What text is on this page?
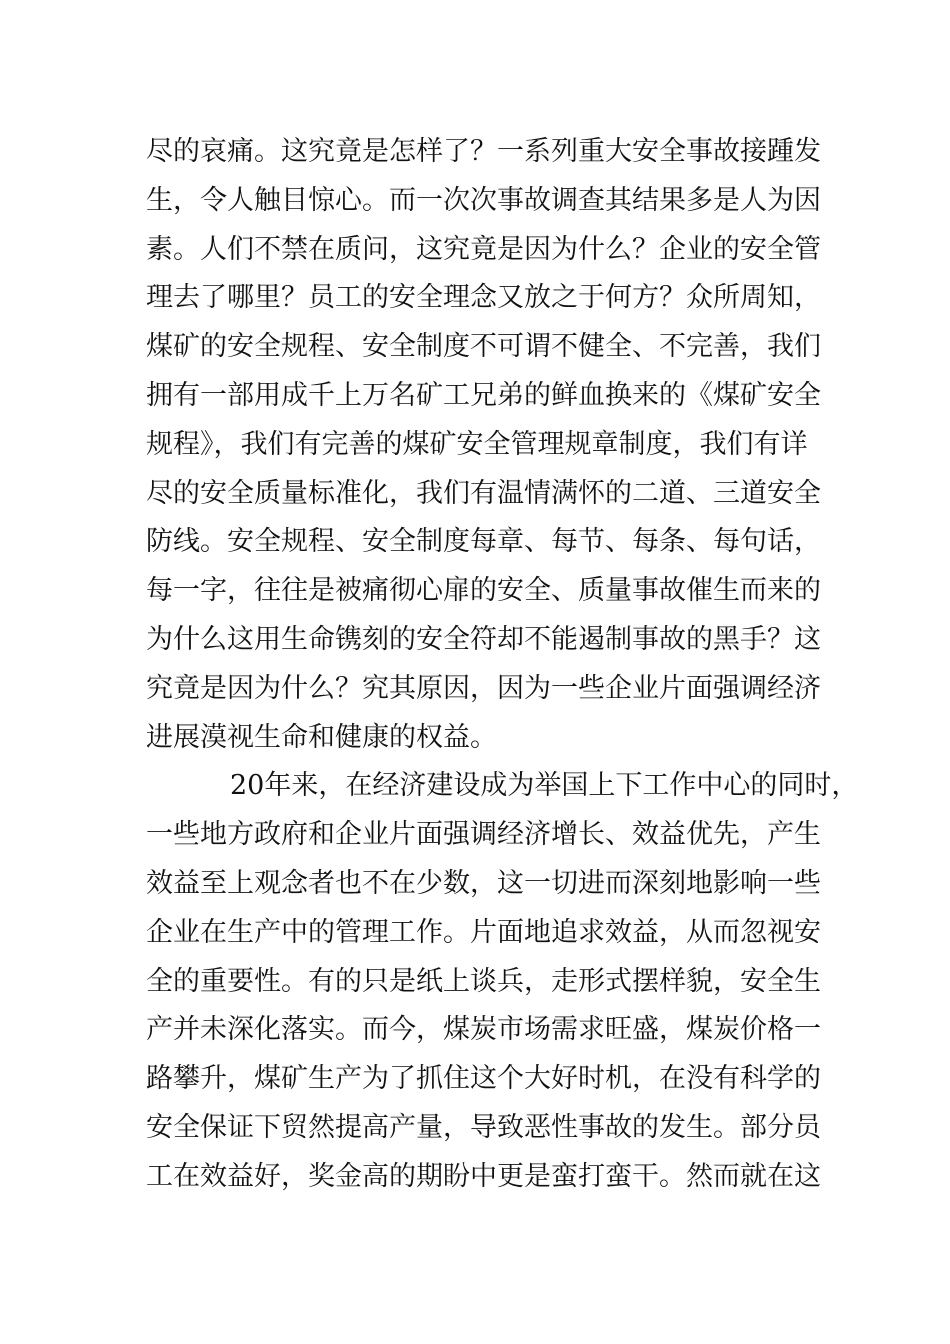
尽的哀痛。这究竟是怎样了？一系列重大安全事故接踵发
生，令人触目惊心。而一次次事故调查其结果多是人为因
素。人们不禁在质问，这究竟是因为什么？企业的安全管
理去了哪里？员工的安全理念又放之于何方？众所周知，
煤矿的安全规程、安全制度不可谓不健全、不完善，我们
拥有一部用成千上万名矿工兄弟的鲜血换来的《煤矿安全
规程》，我们有完善的煤矿安全管理规章制度，我们有详
尽的安全质量标准化，我们有温情满怀的二道、三道安全
防线。安全规程、安全制度每章、每节、每条、每句话，
每一字，往往是被痛彻心扉的安全、质量事故催生而来的
为什么这用生命镌刻的安全符却不能遏制事故的黑手？这
究竟是因为什么？究其原因，因为一些企业片面强调经济
进展漠视生命和健康的权益。
20年来，在经济建设成为举国上下工作中心的同时，
一些地方政府和企业片面强调经济增长、效益优先，产生
效益至上观念者也不在少数，这一切进而深刻地影响一些
企业在生产中的管理工作。片面地追求效益，从而忽视安
全的重要性。有的只是纸上谈兵，走形式摆样貌，安全生
产并未深化落实。而今，煤炭市场需求旺盛，煤炭价格一
路攀升，煤矿生产为了抓住这个大好时机，在没有科学的
安全保证下贸然提高产量，导致恶性事故的发生。部分员
工在效益好，奖金高的期盼中更是蛮打蛮干。然而就在这
